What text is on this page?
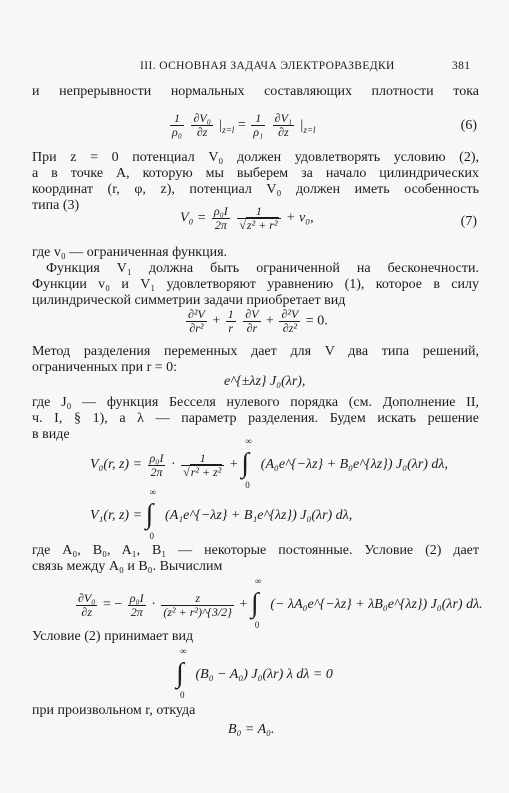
III. ОСНОВНАЯ ЗАДАЧА ЭЛЕКТРОРАЗВЕДКИ	381
и непрерывности нормальных составляющих плотности тока
$\frac{1}{\text{ρ₀}}$
$\frac{\text{∂V₀}}{\partial z} |_{z=l} = \frac{1}{\text{ρ₁}}$
$\frac{\text{∂V₁}}{\partial z} |_{z=l}$	(6)
При z = 0 потенциал V₀ должен удовлетворять условию (2),
а в точке A, которую мы выберем за начало цилиндрических
координат (r, φ, z), потенциал V₀ должен иметь особенность
типа (3)
$V_0 = \frac{\text{ρ₀I}}{2\pi}$
$\frac{1}{\text{√z² + r²}} + v_0$,	(7)
где v₀ — ограниченная функция.
Функция V₁ должна быть ограниченной на бесконечности.
Функции v₀ и V₁ удовлетворяют уравнению (1), которое в силу
цилиндрической симметрии задачи приобретает вид
$\frac{\text{∂²V}}{\text{∂r²}} + \frac{1}{r}$
$\frac{\partial V}{\partial r} + \frac{\text{∂²V}}{\text{∂z²}} = 0$.
Метод разделения переменных дает для V два типа решений,
ограниченных при r = 0:
e^{±λz} J₀(λr),
где J₀ — функция Бесселя нулевого порядка (см. Дополнение II,
ч. I, § 1), а λ — параметр разделения. Будем искать решение
в виде
V₀(r, $z) = \frac{\text{ρ₀I}}{2\pi} \cdot \frac{1}{\text{√r² + z²}}$ + ∫
∞
0
(A₀e^{−λz} + B₀e^{λz}) J₀(λr) dλ,
V₁(r, z) = ∫
∞
0
(A₁e^{−λz} + B₁e^{λz}) J₀(λr) dλ,
где A₀, B₀, A₁, B₁ — некоторые постоянные. Условие (2) дает
связь между A₀ и B₀. Вычислим
$\frac{\text{∂V₀}}{\partial z}$ = − $\frac{\text{ρ₀I}}{2\pi} \cdot \frac{z}{\text{(z² + r²)\textasciicircum{}\{3/2\}}}$ + ∫
∞
0
(− λA₀e^{−λz} + λB₀e^{λz}) J₀(λr) dλ.
Условие (2) принимает вид
∫
∞
0
(B₀ − A₀) J₀(λr) λ dλ = 0
при произвольном r, откуда
B₀ = A₀.
